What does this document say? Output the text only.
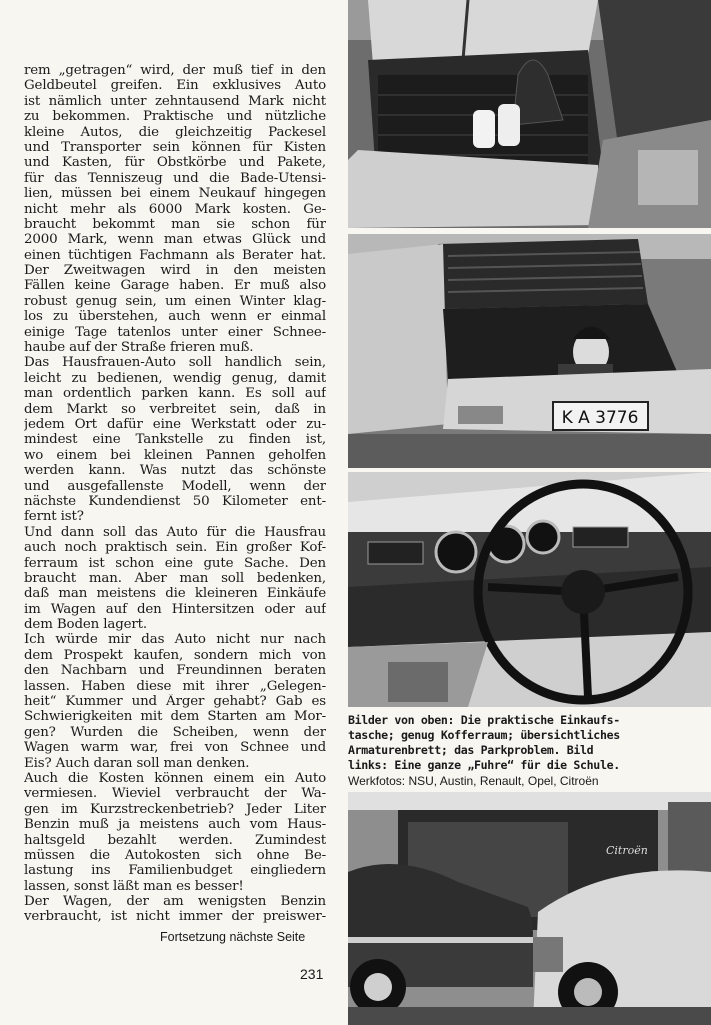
rem „getragen“ wird, der muß tief in den
Geldbeutel greifen. Ein exklusives Auto
ist nämlich unter zehntausend Mark nicht
zu bekommen. Praktische und nützliche
kleine Autos, die gleichzeitig Packesel
und Transporter sein können für Kisten
und Kasten, für Obstkörbe und Pakete,
für das Tenniszeug und die Bade-Utensi-
lien, müssen bei einem Neukauf hingegen
nicht mehr als 6000 Mark kosten. Ge-
braucht bekommt man sie schon für
2000 Mark, wenn man etwas Glück und
einen tüchtigen Fachmann als Berater hat.
Der Zweitwagen wird in den meisten
Fällen keine Garage haben. Er muß also
robust genug sein, um einen Winter klag-
los zu überstehen, auch wenn er einmal
einige Tage tatenlos unter einer Schnee-
haube auf der Straße frieren muß.
Das Hausfrauen-Auto soll handlich sein,
leicht zu bedienen, wendig genug, damit
man ordentlich parken kann. Es soll auf
dem Markt so verbreitet sein, daß in
jedem Ort dafür eine Werkstatt oder zu-
mindest eine Tankstelle zu finden ist,
wo einem bei kleinen Pannen geholfen
werden kann. Was nutzt das schönste
und ausgefallenste Modell, wenn der
nächste Kundendienst 50 Kilometer ent-
fernt ist?
Und dann soll das Auto für die Hausfrau
auch noch praktisch sein. Ein großer Kof-
ferraum ist schon eine gute Sache. Den
braucht man. Aber man soll bedenken,
daß man meistens die kleineren Einkäufe
im Wagen auf den Hintersitzen oder auf
dem Boden lagert.
Ich würde mir das Auto nicht nur nach
dem Prospekt kaufen, sondern mich von
den Nachbarn und Freundinnen beraten
lassen. Haben diese mit ihrer „Gelegen-
heit“ Kummer und Ärger gehabt? Gab es
Schwierigkeiten mit dem Starten am Mor-
gen? Wurden die Scheiben, wenn der
Wagen warm war, frei von Schnee und
Eis? Auch daran soll man denken.
Auch die Kosten können einem ein Auto
vermiesen. Wieviel verbraucht der Wa-
gen im Kurzstreckenbetrieb? Jeder Liter
Benzin muß ja meistens auch vom Haus-
haltsgeld bezahlt werden. Zumindest
müssen die Autokosten sich ohne Be-
lastung ins Familienbudget eingliedern
lassen, sonst läßt man es besser!
Der Wagen, der am wenigsten Benzin
verbraucht, ist nicht immer der preiswer-
Fortsetzung nächste Seite
231
K A 3776
Citroën
Bilder von oben: Die praktische Einkaufs-
tasche; genug Kofferraum; übersichtliches
Armaturenbrett; das Parkproblem. Bild
links: Eine ganze „Fuhre“ für die Schule.
Werkfotos: NSU, Austin, Renault, Opel, Citroën
